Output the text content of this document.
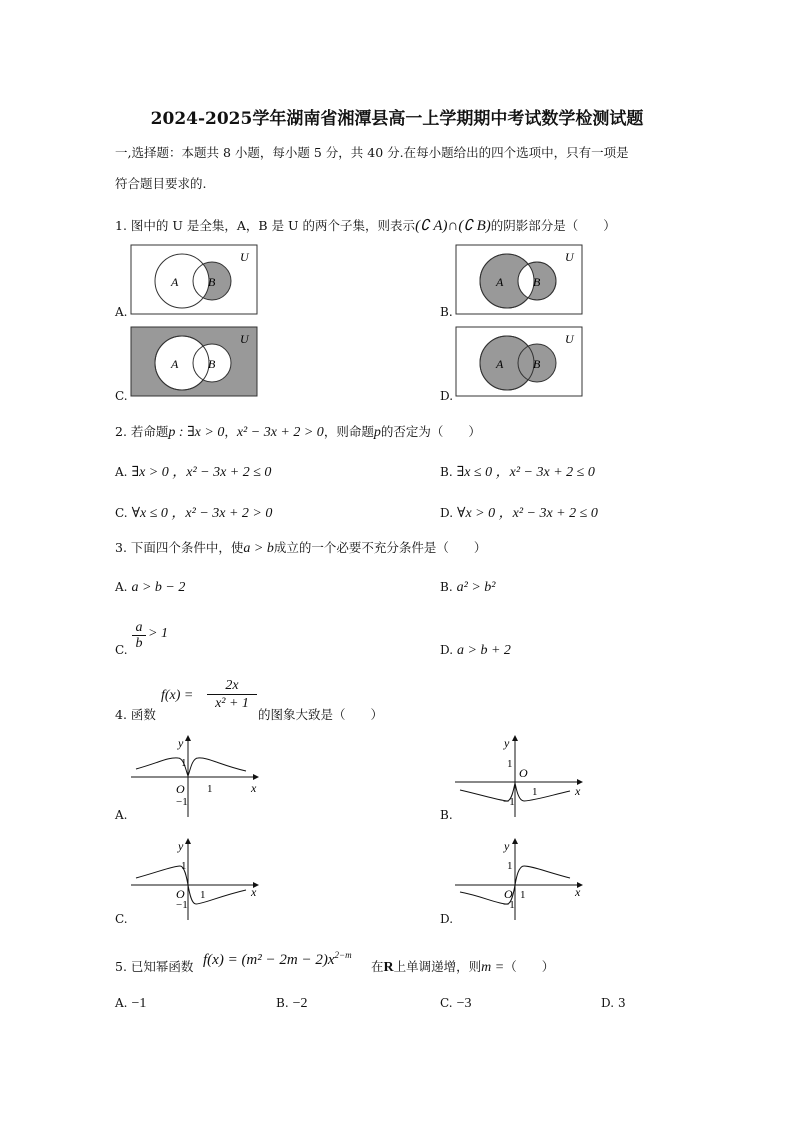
2024-2025学年湖南省湘潭县高一上学期期中考试数学检测试题
一,选择题：本题共 8 小题，每小题 5 分，共 40 分.在每小题给出的四个选项中，只有一项是
符合题目要求的.
1. 图中的 U 是全集，A，B 是 U 的两个子集，则表示(∁ A)∩(∁ B)的阴影部分是（　　）
A.	B.
C.	D.
A B
U
A B
U
A B
U
A B
U
2. 若命题p : ∃x > 0，x² − 3x + 2 > 0，则命题p的否定为（　　）
A. ∃x > 0 ，x² − 3x + 2 ≤ 0	B. ∃x ≤ 0 ，x² − 3x + 2 ≤ 0
C. ∀x ≤ 0 ，x² − 3x + 2 > 0	D. ∀x > 0 ，x² − 3x + 2 ≤ 0
3. 下面四个条件中，使a > b成立的一个必要不充分条件是（　　）
A. a > b − 2	B. a² > b²
C.
a
b
> 1
D. a > b + 2
4. 函数
f(x) =
2x
x² + 1
的图象大致是（　　）
y
x
O
1
1
−1
A.
y
x
O
1
1
−1
B.
y
x
O
1
1
−1
C.
y
x
O
1
1
−1
D.
5. 已知幂函数 $f(x) = (m^2 - 2m - 2)x^{2-m}$
在R上单调递增，则m =（　　）
A. −1	B. −2	C. −3	D. 3
